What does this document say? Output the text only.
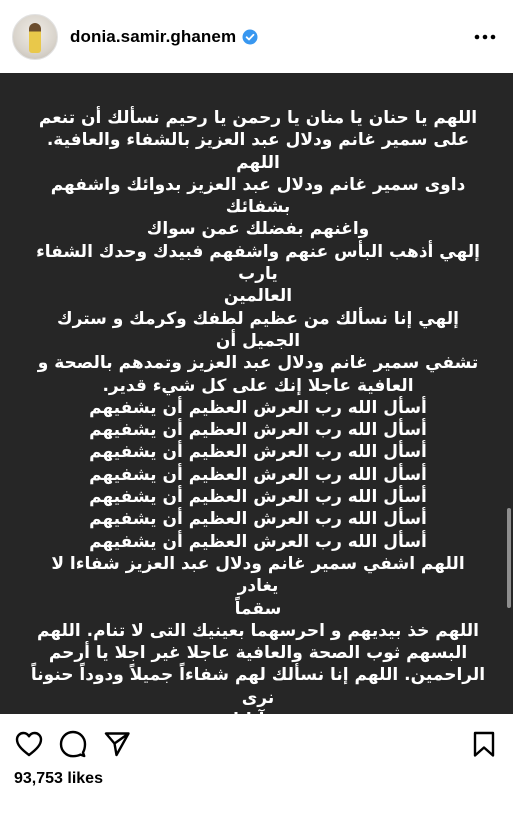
donia.samir.ghanem

اللهم يا حنان يا منان يا رحمن يا رحيم نسألك أن تنعم
على سمير غانم ودلال عبد العزيز بالشفاء والعافية. اللهم
داوى سمير غانم ودلال عبد العزيز بدوائك واشفهم بشفائك
واغنهم بفضلك عمن سواك
إلهي أذهب البأس عنهم واشفهم فبيدك وحدك الشفاء يارب
العالمين
إلهي إنا نسألك من عظيم لطفك وكرمك و سترك الجميل أن
تشفي سمير غانم ودلال عبد العزيز وتمدهم بالصحة و
العافية عاجلا إنك على كل شيء قدير.
أسأل الله رب العرش العظيم أن يشفيهم
أسأل الله رب العرش العظيم أن يشفيهم
أسأل الله رب العرش العظيم أن يشفيهم
أسأل الله رب العرش العظيم أن يشفيهم
أسأل الله رب العرش العظيم أن يشفيهم
أسأل الله رب العرش العظيم أن يشفيهم
أسأل الله رب العرش العظيم أن يشفيهم
اللهم اشفي سمير غانم ودلال عبد العزيز شفاءا لا يغادر
سقماً
اللهم خذ بيديهم و احرسهما بعينيك التى لا تنام. اللهم
البسهم ثوب الصحة والعافية عاجلا غير اجلا يا أرحم
الراحمين. اللهم إنا نسألك لهم شفاءاً جميلاً ودوداً حنوناً نرى
فية آياتك.
يا!!!!!!!!! الله
اللهم اشفهم اللهم اشفهم اللهم اشفهم..اللهم امين..وصلى الله
وسلم وبارك على سيدنا وحبيبنا ومولانا سيدنا محمد ﷺ

93,753 likes
